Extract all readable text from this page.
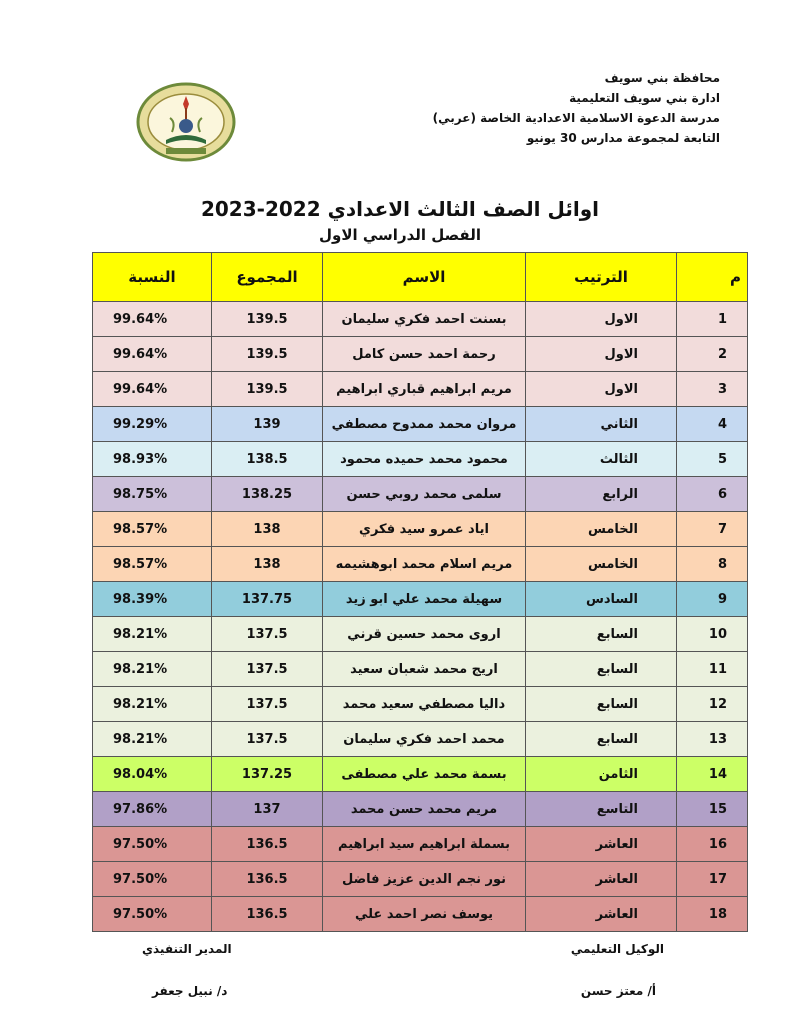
محافظة بني سويف
ادارة بني سويف التعليمية
مدرسة الدعوة الاسلامية الاعدادية الخاصة (عربي)
التابعة لمجموعة مدارس 30 يونيو
اوائل الصف الثالث الاعدادي 2022-2023
الفصل الدراسي الاول
م	الترتيب	الاسم	المجموع	النسبة
1	الاول	بسنت احمد فكري سليمان	139.5	99.64%
2	الاول	رحمة احمد حسن كامل	139.5	99.64%
3	الاول	مريم ابراهيم قباري ابراهيم	139.5	99.64%
4	الثاني	مروان محمد ممدوح مصطفي	139	99.29%
5	الثالث	محمود محمد حميده محمود	138.5	98.93%
6	الرابع	سلمى محمد روبي حسن	138.25	98.75%
7	الخامس	اياد عمرو سيد فكري	138	98.57%
8	الخامس	مريم اسلام محمد ابوهشيمه	138	98.57%
9	السادس	سهيلة محمد علي ابو زيد	137.75	98.39%
10	السابع	اروى محمد حسين قرني	137.5	98.21%
11	السابع	اريج محمد شعبان سعيد	137.5	98.21%
12	السابع	داليا مصطفي سعيد محمد	137.5	98.21%
13	السابع	محمد احمد فكري سليمان	137.5	98.21%
14	الثامن	بسمة محمد علي مصطفى	137.25	98.04%
15	التاسع	مريم محمد حسن محمد	137	97.86%
16	العاشر	بسملة ابراهيم سيد ابراهيم	136.5	97.50%
17	العاشر	نور نجم الدين عزيز فاضل	136.5	97.50%
18	العاشر	يوسف نصر احمد علي	136.5	97.50%
المدير التنفيذي
د/ نبيل جعفر
الوكيل التعليمي
أ/ معتز حسن
